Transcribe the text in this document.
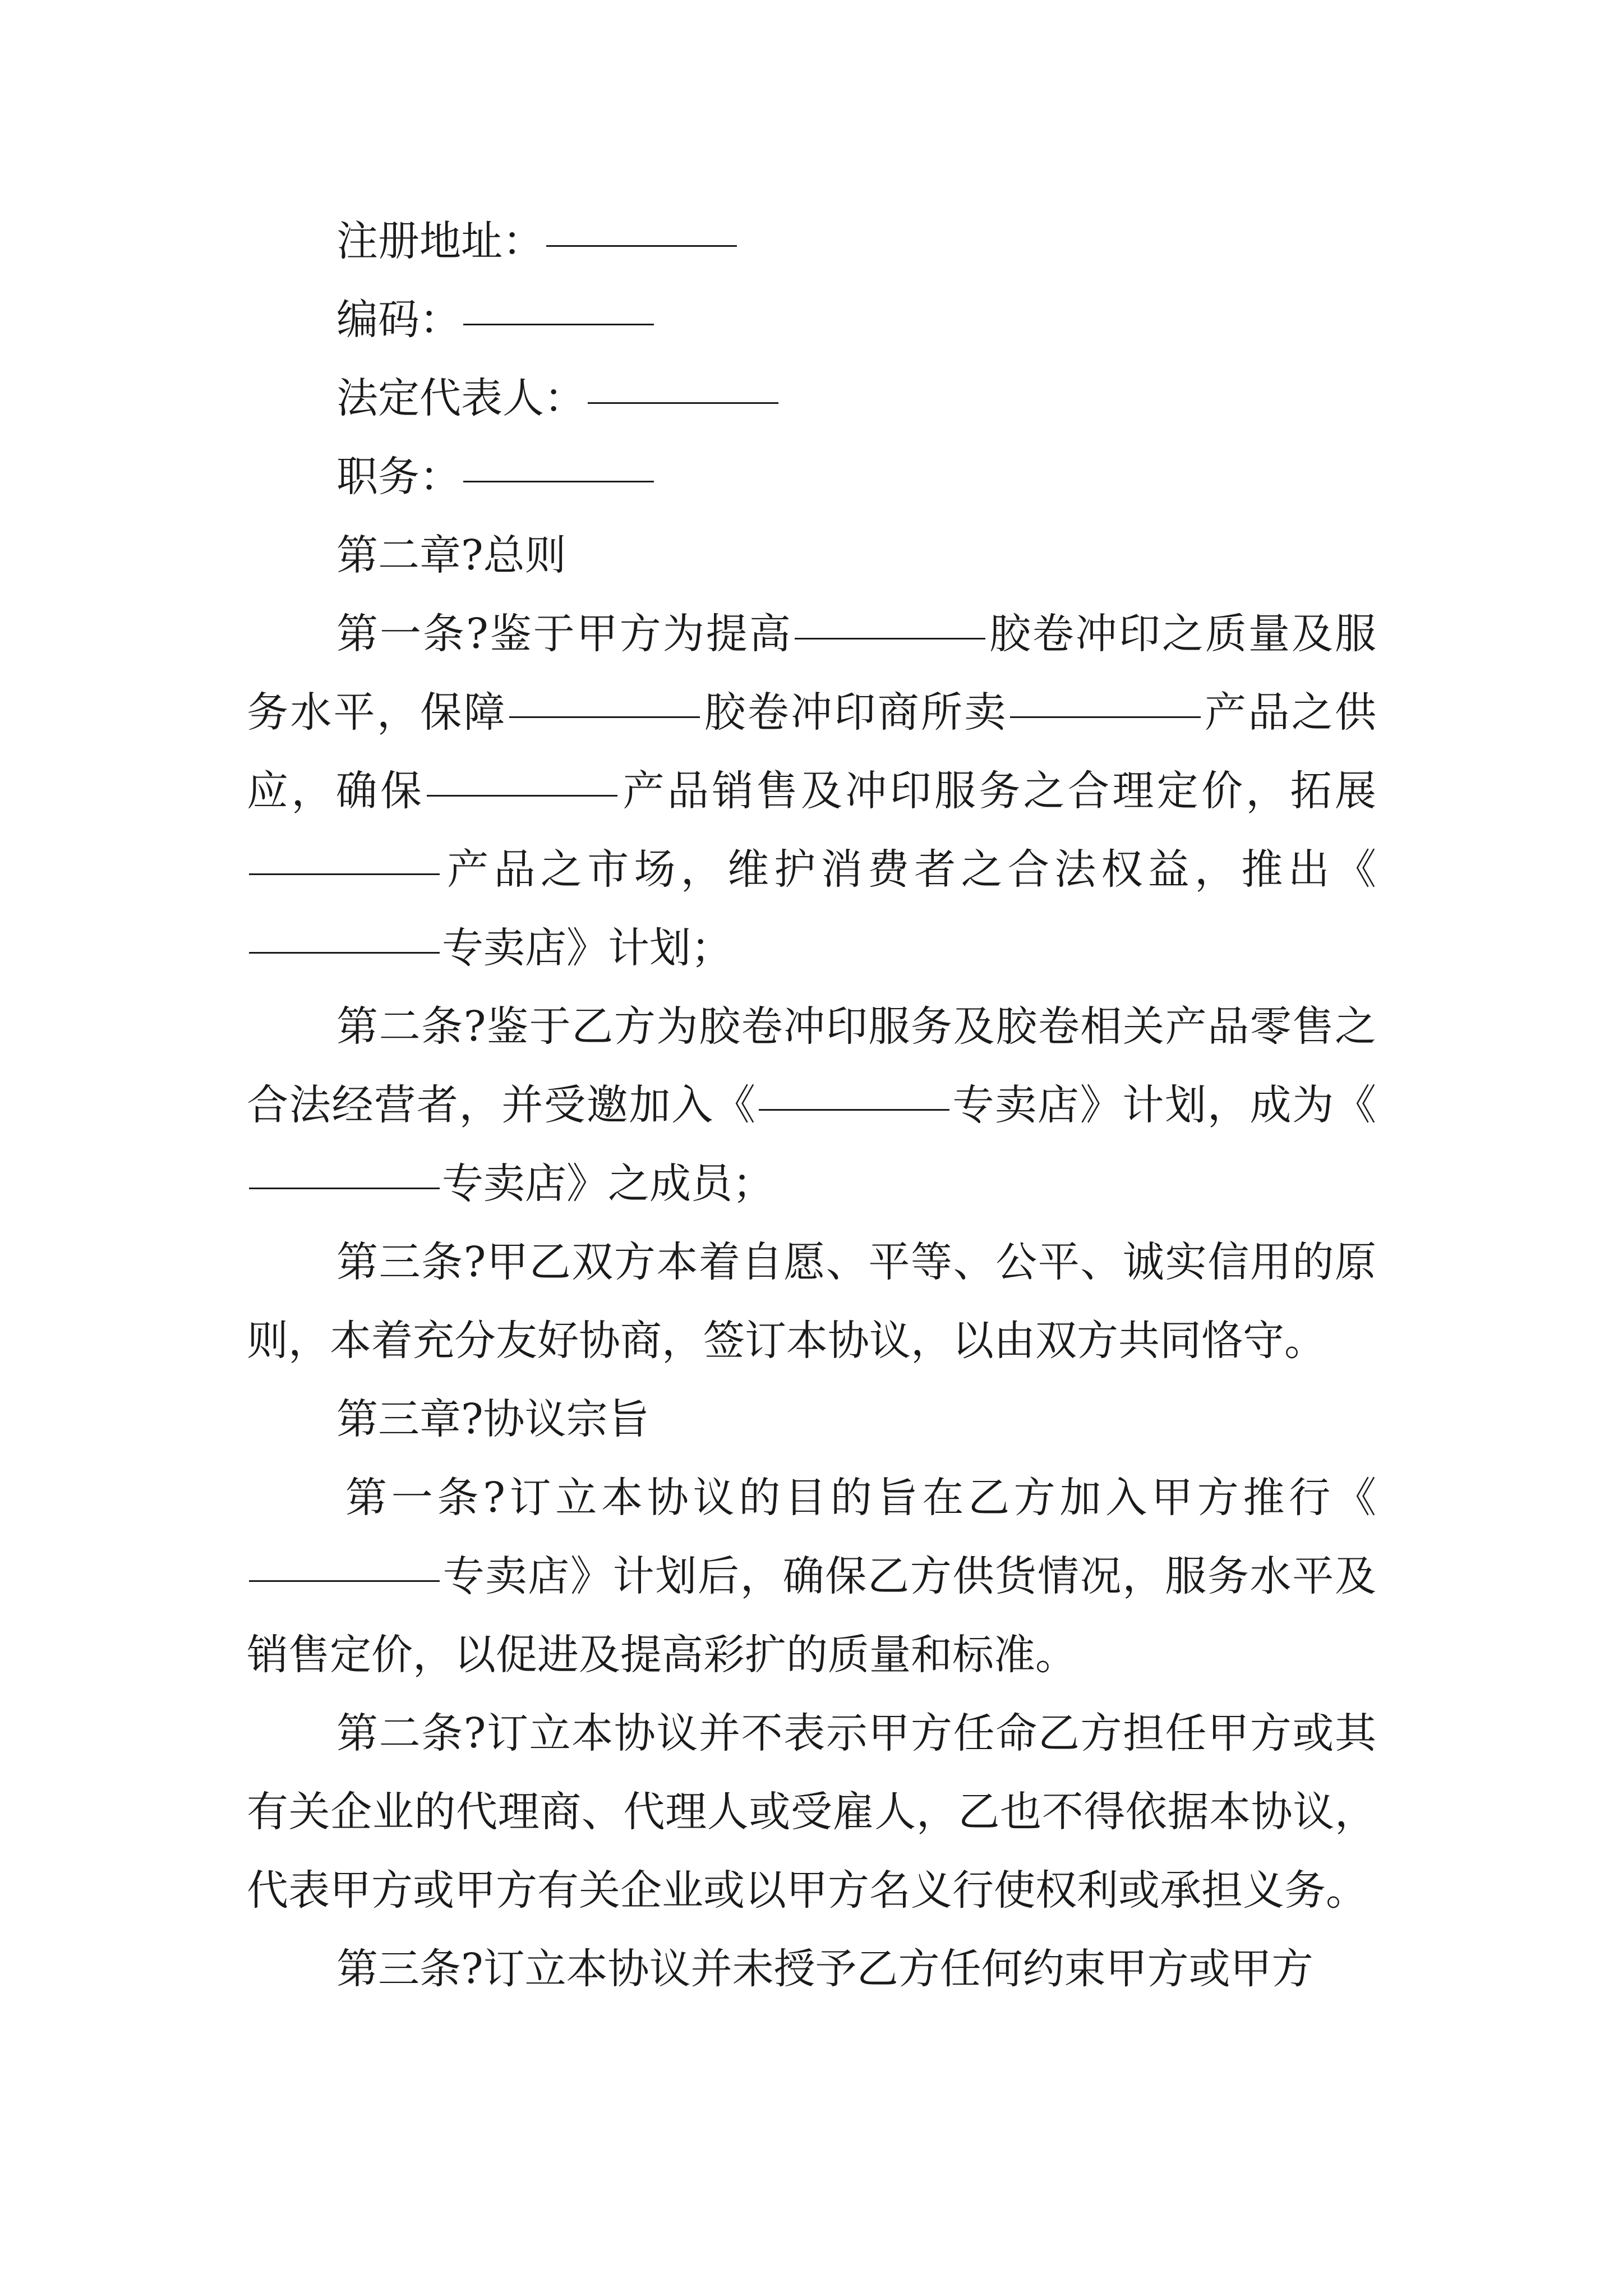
注册地址：

编码：

法定代表人：

职务：

第二章?总则

第一条?鉴于甲方为提高	胶卷冲印之质量及服务水平，保障	胶卷冲印商所卖	产品之供应，确保	产品销售及冲印服务之合理定价，拓展产品之市场，维护消费者之合法权益，推出《专卖店》计划；

第二条?鉴于乙方为胶卷冲印服务及胶卷相关产品零售之合法经营者，并受邀加入《	专卖店》计划，成为《专卖店》之成员；

第三条?甲乙双方本着自愿、平等、公平、诚实信用的原则，本着充分友好协商，签订本协议，以由双方共同恪守。

第三章?协议宗旨

第一条?订立本协议的目的旨在乙方加入甲方推行《专卖店》计划后，确保乙方供货情况，服务水平及销售定价，以促进及提高彩扩的质量和标准。

第二条?订立本协议并不表示甲方任命乙方担任甲方或其有关企业的代理商、代理人或受雇人，乙也不得依据本协议，代表甲方或甲方有关企业或以甲方名义行使权利或承担义务。

第三条?订立本协议并未授予乙方任何约束甲方或甲方
